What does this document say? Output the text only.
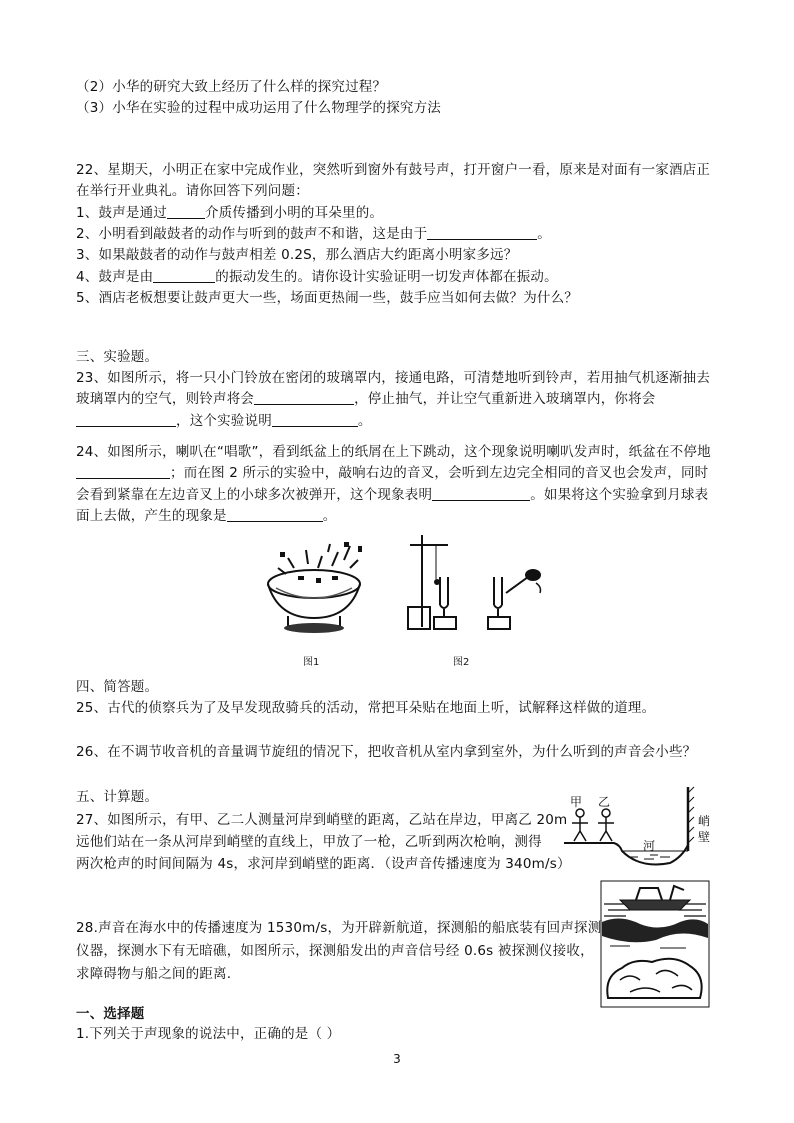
（2）小华的研究大致上经历了什么样的探究过程？
（3）小华在实验的过程中成功运用了什么物理学的探究方法
22、星期天，小明正在家中完成作业，突然听到窗外有鼓号声，打开窗户一看，原来是对面有一家酒店正
在举行开业典礼。请你回答下列问题：
1、鼓声是通过	介质传播到小明的耳朵里的。
2、小明看到敲鼓者的动作与听到的鼓声不和谐，这是由于	。
3、如果敲鼓者的动作与鼓声相差 0.2S，那么酒店大约距离小明家多远？
4、鼓声是由	的振动发生的。请你设计实验证明一切发声体都在振动。
5、酒店老板想要让鼓声更大一些，场面更热闹一些，鼓手应当如何去做？为什么？
三、实验题。
23、如图所示，将一只小门铃放在密闭的玻璃罩内，接通电路，可清楚地听到铃声，若用抽气机逐渐抽去
玻璃罩内的空气，则铃声将会	，停止抽气，并让空气重新进入玻璃罩内，你将会
，这个实验说明	。
24、如图所示，喇叭在“唱歌”，看到纸盆上的纸屑在上下跳动，这个现象说明喇叭发声时，纸盆在不停地
；而在图 2 所示的实验中，敲响右边的音叉，会听到左边完全相同的音叉也会发声，同时
会看到紧靠在左边音叉上的小球多次被弹开，这个现象表明	。如果将这个实验拿到月球表
面上去做，产生的现象是	。
图1	图2
四、简答题。
25、古代的侦察兵为了及早发现敌骑兵的活动，常把耳朵贴在地面上听，试解释这样做的道理。
26、在不调节收音机的音量调节旋纽的情况下，把收音机从室内拿到室外，为什么听到的声音会小些？
五、计算题。
27、如图所示，有甲、乙二人测量河岸到峭壁的距离，乙站在岸边，甲离乙 20m
远他们站在一条从河岸到峭壁的直线上，甲放了一枪，乙听到两次枪响，测得
两次枪声的时间间隔为 4s，求河岸到峭壁的距离．（设声音传播速度为 340m/s）
甲 乙
河
峭
壁
28.声音在海水中的传播速度为 1530m/s，为开辟新航道，探测船的船底装有回声探测
仪器，探测水下有无暗礁，如图所示，探测船发出的声音信号经 0.6s 被探测仪接收，
求障碍物与船之间的距离.
一、选择题
1.下列关于声现象的说法中，正确的是（ ）
3
